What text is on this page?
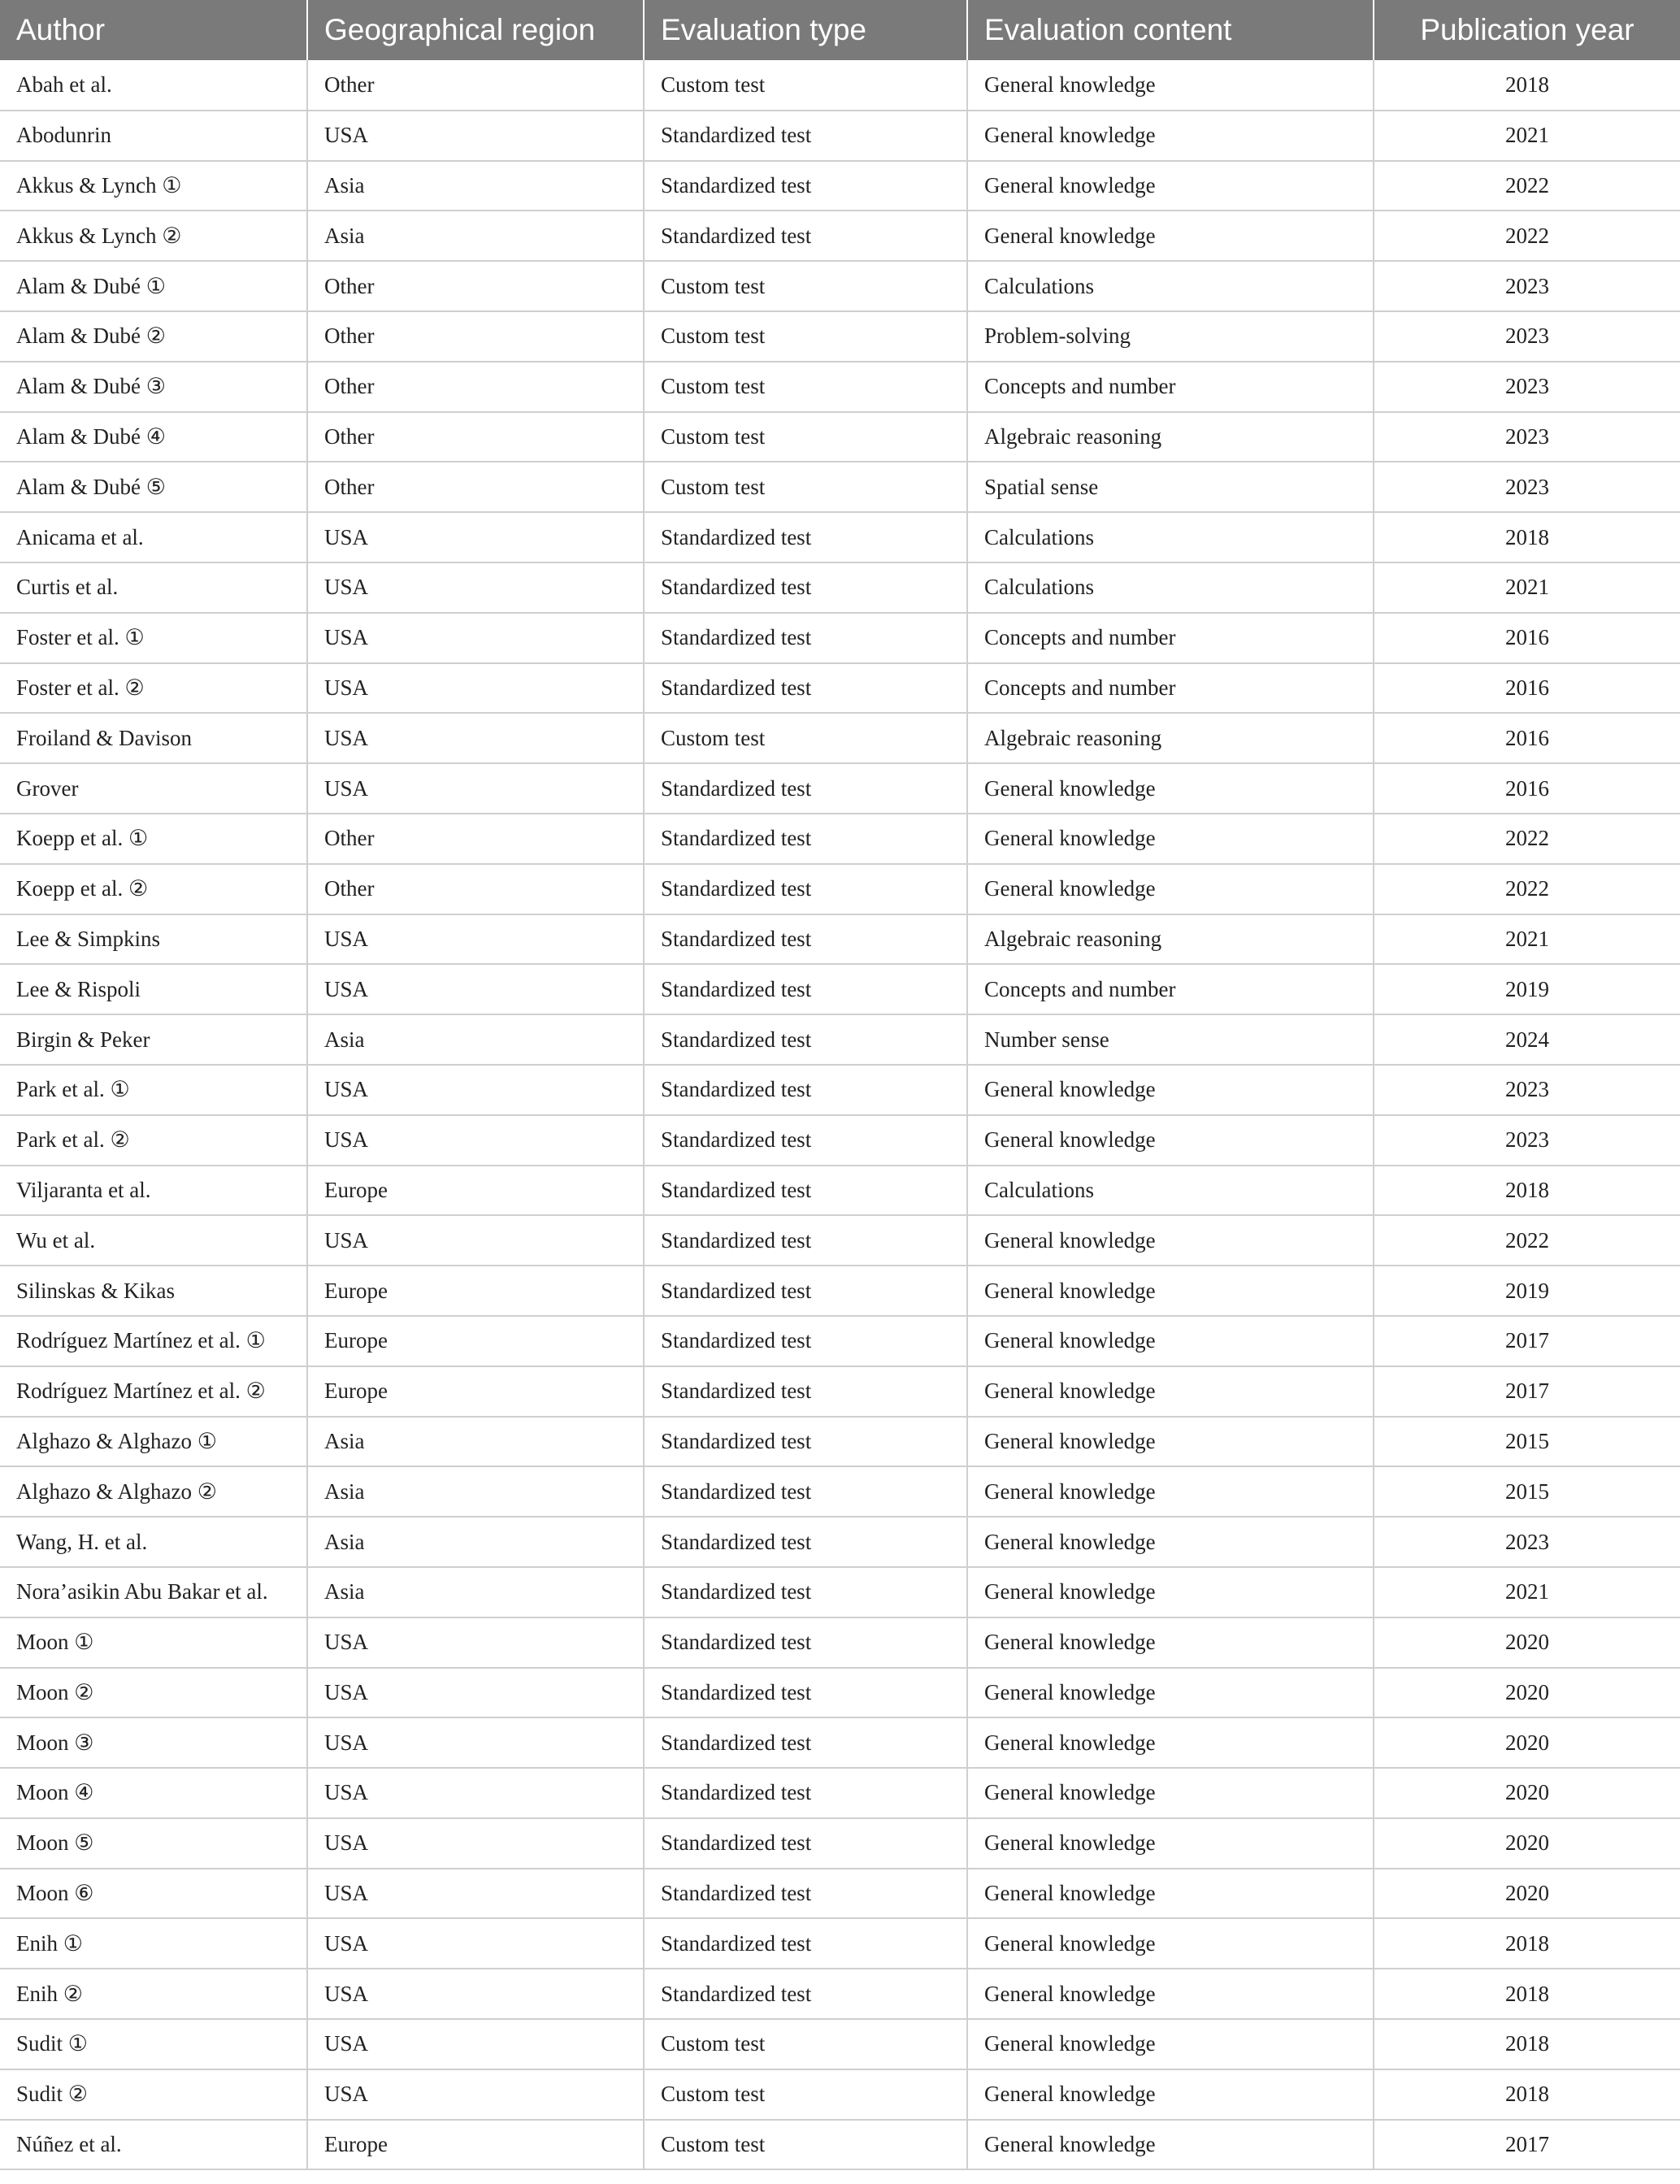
Author	Geographical region	Evaluation type	Evaluation content	Publication year
Abah et al.	Other	Custom test	General knowledge	2018
Abodunrin	USA	Standardized test	General knowledge	2021
Akkus & Lynch ①	Asia	Standardized test	General knowledge	2022
Akkus & Lynch ②	Asia	Standardized test	General knowledge	2022
Alam & Dubé ①	Other	Custom test	Calculations	2023
Alam & Dubé ②	Other	Custom test	Problem-solving	2023
Alam & Dubé ③	Other	Custom test	Concepts and number	2023
Alam & Dubé ④	Other	Custom test	Algebraic reasoning	2023
Alam & Dubé ⑤	Other	Custom test	Spatial sense	2023
Anicama et al.	USA	Standardized test	Calculations	2018
Curtis et al.	USA	Standardized test	Calculations	2021
Foster et al. ①	USA	Standardized test	Concepts and number	2016
Foster et al. ②	USA	Standardized test	Concepts and number	2016
Froiland & Davison	USA	Custom test	Algebraic reasoning	2016
Grover	USA	Standardized test	General knowledge	2016
Koepp et al. ①	Other	Standardized test	General knowledge	2022
Koepp et al. ②	Other	Standardized test	General knowledge	2022
Lee & Simpkins	USA	Standardized test	Algebraic reasoning	2021
Lee & Rispoli	USA	Standardized test	Concepts and number	2019
Birgin & Peker	Asia	Standardized test	Number sense	2024
Park et al. ①	USA	Standardized test	General knowledge	2023
Park et al. ②	USA	Standardized test	General knowledge	2023
Viljaranta et al.	Europe	Standardized test	Calculations	2018
Wu et al.	USA	Standardized test	General knowledge	2022
Silinskas & Kikas	Europe	Standardized test	General knowledge	2019
Rodríguez Martínez et al. ①	Europe	Standardized test	General knowledge	2017
Rodríguez Martínez et al. ②	Europe	Standardized test	General knowledge	2017
Alghazo & Alghazo ①	Asia	Standardized test	General knowledge	2015
Alghazo & Alghazo ②	Asia	Standardized test	General knowledge	2015
Wang, H. et al.	Asia	Standardized test	General knowledge	2023
Nora’asikin Abu Bakar et al.	Asia	Standardized test	General knowledge	2021
Moon ①	USA	Standardized test	General knowledge	2020
Moon ②	USA	Standardized test	General knowledge	2020
Moon ③	USA	Standardized test	General knowledge	2020
Moon ④	USA	Standardized test	General knowledge	2020
Moon ⑤	USA	Standardized test	General knowledge	2020
Moon ⑥	USA	Standardized test	General knowledge	2020
Enih ①	USA	Standardized test	General knowledge	2018
Enih ②	USA	Standardized test	General knowledge	2018
Sudit ①	USA	Custom test	General knowledge	2018
Sudit ②	USA	Custom test	General knowledge	2018
Núñez et al.	Europe	Custom test	General knowledge	2017
